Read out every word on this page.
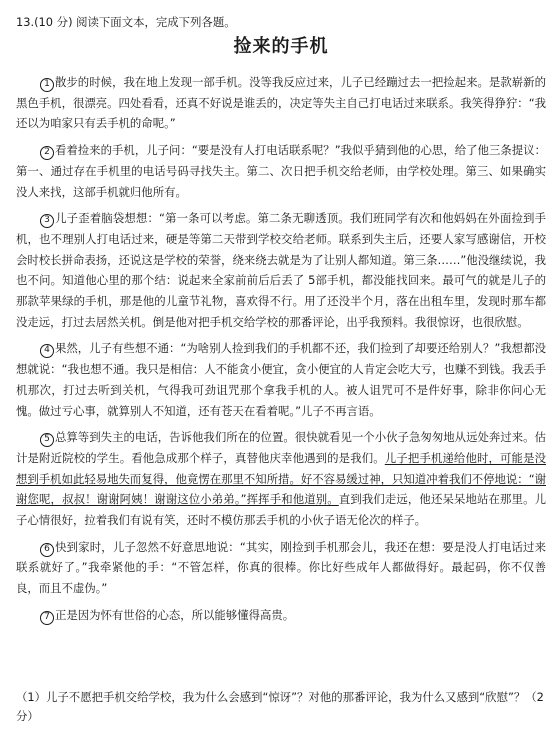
13.(10 分) 阅读下面文本，完成下列各题。
捡来的手机

1 散步的时候，我在地上发现一部手机。没等我反应过来，儿子已经蹦过去一把捡起来。是款崭新的黑色手机，很漂亮。四处看看，还真不好说是谁丢的，决定等失主自己打电话过来联系。我笑得狰狞：“我还以为咱家只有丢手机的命呢。”

2 看着捡来的手机，儿子问：“要是没有人打电话联系呢？”我似乎猜到他的心思，给了他三条提议：第一、通过存在手机里的电话号码寻找失主。第二、次日把手机交给老师，由学校处理。第三、如果确实没人来找，这部手机就归他所有。

3 儿子歪着脑袋想想：“第一条可以考虑。第二条无聊透顶。我们班同学有次和他妈妈在外面捡到手机，也不理别人打电话过来，硬是等第二天带到学校交给老师。联系到失主后，还要人家写感谢信，开校会时校长拼命表扬，还说这是学校的荣誉，绕来绕去就是为了让别人都知道。第三条……”他没继续说，我也不问。知道他心里的那个结：说起来全家前前后后丢了 5部手机，都没能找回来。最可气的就是儿子的那款苹果绿的手机，那是他的儿童节礼物，喜欢得不行。用了还没半个月，落在出租车里，发现时那车都没走远，打过去居然关机。倒是他对把手机交给学校的那番评论，出乎我预料。我很惊讶，也很欣慰。

4 果然，儿子有些想不通：“为啥别人捡到我们的手机都不还，我们捡到了却要还给别人？”我想都没想就说：“我也想不通。我只是相信：人不能贪小便宜，贪小便宜的人肯定会吃大亏，也赚不到钱。我丢手机那次，打过去听到关机，气得我可劲诅咒那个拿我手机的人。被人诅咒可不是件好事，除非你问心无愧。做过亏心事，就算别人不知道，还有苍天在看着呢。”儿子不再言语。

5 总算等到失主的电话，告诉他我们所在的位置。很快就看见一个小伙子急匆匆地从远处奔过来。估计是附近院校的学生。看他急成那个样子，真替他庆幸他遇到的是我们。儿子把手机递给他时，可能是没想到手机如此轻易地失而复得，他竟愣在那里不知所措。好不容易缓过神，只知道冲着我们不停地说：“谢谢您呢，叔叔！谢谢阿姨！谢谢这位小弟弟。”挥挥手和他道别。直到我们走远，他还呆呆地站在那里。儿子心情很好，拉着我们有说有笑，还时不模仿那丢手机的小伙子语无伦次的样子。

6 快到家时，儿子忽然不好意思地说：“其实，刚捡到手机那会儿，我还在想：要是没人打电话过来联系就好了。”我牵紧他的手：“不管怎样，你真的很棒。你比好些成年人都做得好。最起码，你不仅善良，而且不虚伪。”

7 正是因为怀有世俗的心态，所以能够懂得高贵。

（1）儿子不愿把手机交给学校，我为什么会感到“惊讶”？对他的那番评论，我为什么又感到“欣慰”？（2 分）
